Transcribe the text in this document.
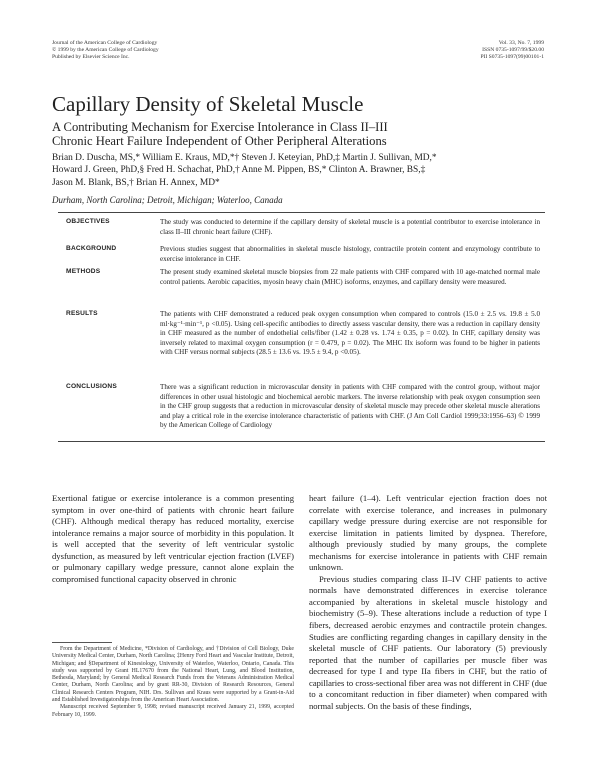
Journal of the American College of Cardiology
© 1999 by the American College of Cardiology
Published by Elsevier Science Inc.
Vol. 33, No. 7, 1999
ISSN 0735-1097/99/$20.00
PII S0735-1097(99)00101-1
Capillary Density of Skeletal Muscle
A Contributing Mechanism for Exercise Intolerance in Class II–III
Chronic Heart Failure Independent of Other Peripheral Alterations
Brian D. Duscha, MS,* William E. Kraus, MD,*† Steven J. Keteyian, PhD,‡ Martin J. Sullivan, MD,*
Howard J. Green, PhD,§ Fred H. Schachat, PhD,† Anne M. Pippen, BS,* Clinton A. Brawner, BS,‡
Jason M. Blank, BS,† Brian H. Annex, MD*

Durham, North Carolina; Detroit, Michigan; Waterloo, Canada

OBJECTIVES	The study was conducted to determine if the capillary density of skeletal muscle is a potential contributor to exercise intolerance in class II–III chronic heart failure (CHF).

BACKGROUND	Previous studies suggest that abnormalities in skeletal muscle histology, contractile protein content and enzymology contribute to exercise intolerance in CHF.

METHODS	The present study examined skeletal muscle biopsies from 22 male patients with CHF compared with 10 age-matched normal male control patients. Aerobic capacities, myosin heavy chain (MHC) isoforms, enzymes, and capillary density were measured.

RESULTS	The patients with CHF demonstrated a reduced peak oxygen consumption when compared to controls (15.0 ± 2.5 vs. 19.8 ± 5.0 ml·kg⁻¹·min⁻¹, p <0.05). Using cell-specific antibodies to directly assess vascular density, there was a reduction in capillary density in CHF measured as the number of endothelial cells/fiber (1.42 ± 0.28 vs. 1.74 ± 0.35, p = 0.02). In CHF, capillary density was inversely related to maximal oxygen consumption (r = 0.479, p = 0.02). The MHC IIx isoform was found to be higher in patients with CHF versus normal subjects (28.5 ± 13.6 vs. 19.5 ± 9.4, p <0.05).

CONCLUSIONS	There was a significant reduction in microvascular density in patients with CHF compared with the control group, without major differences in other usual histologic and biochemical aerobic markers. The inverse relationship with peak oxygen consumption seen in the CHF group suggests that a reduction in microvascular density of skeletal muscle may precede other skeletal muscle alterations and play a critical role in the exercise intolerance characteristic of patients with CHF. (J Am Coll Cardiol 1999;33:1956–63) © 1999 by the American College of Cardiology

Exertional fatigue or exercise intolerance is a common presenting symptom in over one-third of patients with chronic heart failure (CHF). Although medical therapy has reduced mortality, exercise intolerance remains a major source of morbidity in this population. It is well accepted that the severity of left ventricular systolic dysfunction, as measured by left ventricular ejection fraction (LVEF) or pulmonary capillary wedge pressure, cannot alone explain the compromised functional capacity observed in chronic

From the Department of Medicine, *Division of Cardiology, and †Division of Cell Biology, Duke University Medical Center, Durham, North Carolina; ‡Henry Ford Heart and Vascular Institute, Detroit, Michigan; and §Department of Kinesiology, University of Waterloo, Waterloo, Ontario, Canada. This study was supported by Grant HL17670 from the National Heart, Lung, and Blood Institution, Bethesda, Maryland; by General Medical Research Funds from the Veterans Administration Medical Center, Durham, North Carolina; and by grant RR-30, Division of Research Resources, General Clinical Research Centers Program, NIH. Drs. Sullivan and Kraus were supported by a Grant-in-Aid and Established Investigatorships from the American Heart Association.

Manuscript received September 9, 1998; revised manuscript received January 21, 1999, accepted February 10, 1999.

heart failure (1–4). Left ventricular ejection fraction does not correlate with exercise tolerance, and increases in pulmonary capillary wedge pressure during exercise are not responsible for exercise limitation in patients limited by dyspnea. Therefore, although previously studied by many groups, the complete mechanisms for exercise intolerance in patients with CHF remain unknown.

Previous studies comparing class II–IV CHF patients to active normals have demonstrated differences in exercise tolerance accompanied by alterations in skeletal muscle histology and biochemistry (5–9). These alterations include a reduction of type I fibers, decreased aerobic enzymes and contractile protein changes. Studies are conflicting regarding changes in capillary density in the skeletal muscle of CHF patients. Our laboratory (5) previously reported that the number of capillaries per muscle fiber was decreased for type I and type IIa fibers in CHF, but the ratio of capillaries to cross-sectional fiber area was not different in CHF (due to a concomitant reduction in fiber diameter) when compared with normal subjects. On the basis of these findings,
